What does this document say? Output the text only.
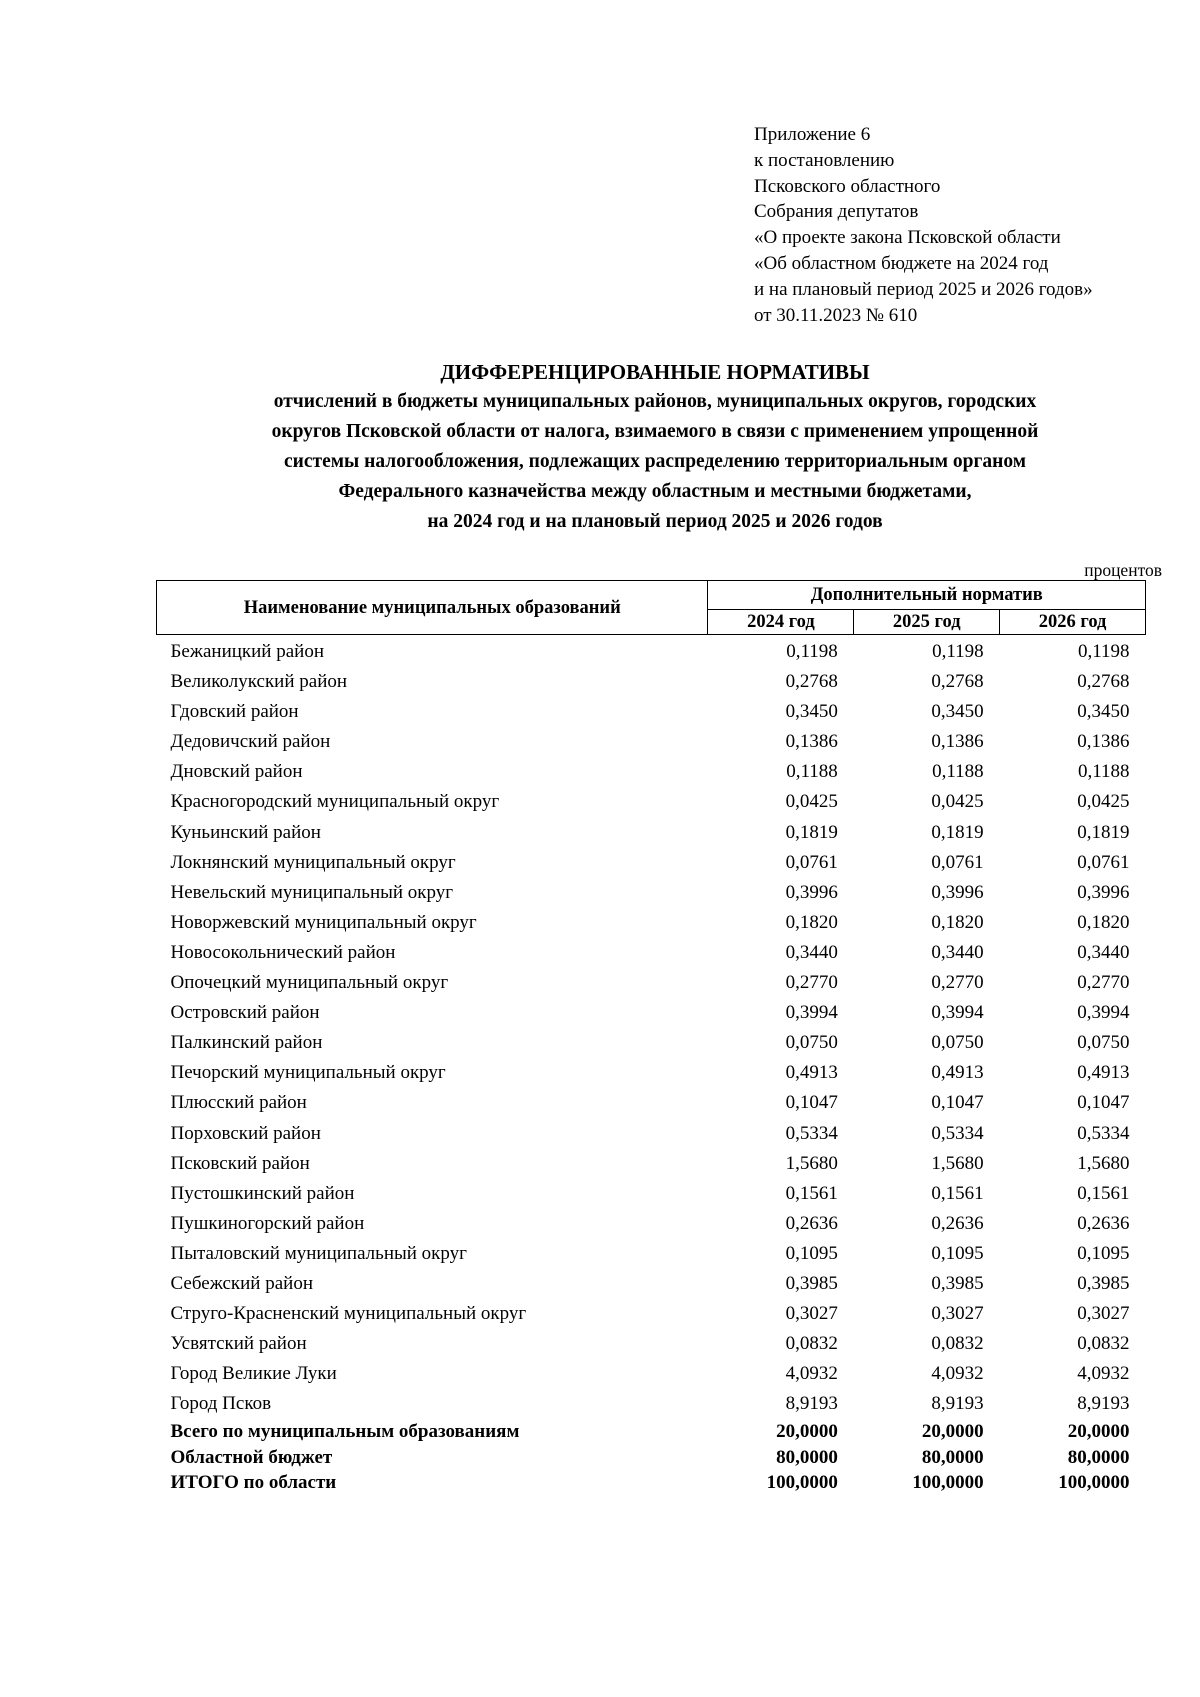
Приложение 6
к постановлению
Псковского областного
Собрания депутатов
«О проекте закона Псковской области
«Об областном бюджете на 2024 год
и на плановый период 2025 и 2026 годов»
от 30.11.2023 № 610
ДИФФЕРЕНЦИРОВАННЫЕ НОРМАТИВЫ
отчислений в бюджеты муниципальных районов, муниципальных округов, городских
округов Псковской области от налога, взимаемого в связи с применением упрощенной
системы налогообложения, подлежащих распределению территориальным органом
Федерального казначейства между областным и местными бюджетами,
на 2024 год и на плановый период 2025 и 2026 годов
процентов
Наименование муниципальных образований	Дополнительный норматив		
	2024 год	2025 год	2026 год
Бежаницкий район	0,1198	0,1198	0,1198
Великолукский район	0,2768	0,2768	0,2768
Гдовский район	0,3450	0,3450	0,3450
Дедовичский район	0,1386	0,1386	0,1386
Дновский район	0,1188	0,1188	0,1188
Красногородский муниципальный округ	0,0425	0,0425	0,0425
Куньинский район	0,1819	0,1819	0,1819
Локнянский муниципальный округ	0,0761	0,0761	0,0761
Невельский муниципальный округ	0,3996	0,3996	0,3996
Новоржевский муниципальный округ	0,1820	0,1820	0,1820
Новосокольнический район	0,3440	0,3440	0,3440
Опочецкий муниципальный округ	0,2770	0,2770	0,2770
Островский район	0,3994	0,3994	0,3994
Палкинский район	0,0750	0,0750	0,0750
Печорский муниципальный округ	0,4913	0,4913	0,4913
Плюсский район	0,1047	0,1047	0,1047
Порховский район	0,5334	0,5334	0,5334
Псковский район	1,5680	1,5680	1,5680
Пустошкинский район	0,1561	0,1561	0,1561
Пушкиногорский район	0,2636	0,2636	0,2636
Пыталовский муниципальный округ	0,1095	0,1095	0,1095
Себежский район	0,3985	0,3985	0,3985
Струго-Красненский муниципальный округ	0,3027	0,3027	0,3027
Усвятский район	0,0832	0,0832	0,0832
Город Великие Луки	4,0932	4,0932	4,0932
Город Псков	8,9193	8,9193	8,9193
Всего по муниципальным образованиям	20,0000	20,0000	20,0000
Областной бюджет	80,0000	80,0000	80,0000
ИТОГО по области	100,0000	100,0000	100,0000
